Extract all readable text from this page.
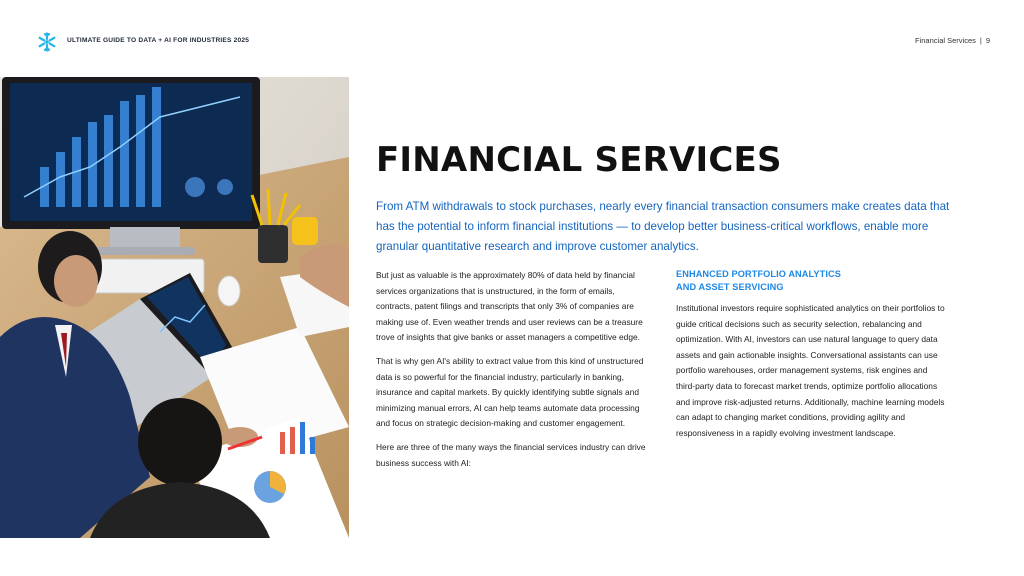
ULTIMATE GUIDE TO DATA + AI FOR INDUSTRIES 2025	Financial Services | 9
FINANCIAL SERVICES

From ATM withdrawals to stock purchases, nearly every financial transaction consumers make creates data that has the potential to inform financial institutions — to develop better business-critical workflows, enable more granular quantitative research and improve customer analytics.

But just as valuable is the approximately 80% of data held by financial services organizations that is unstructured, in the form of emails, contracts, patent filings and transcripts that only 3% of companies are making use of. Even weather trends and user reviews can be a treasure trove of insights that give banks or asset managers a competitive edge.

That is why gen AI's ability to extract value from this kind of unstructured data is so powerful for the financial industry, particularly in banking, insurance and capital markets. By quickly identifying subtle signals and minimizing manual errors, AI can help teams automate data processing and focus on strategic decision-making and customer engagement.

Here are three of the many ways the financial services industry can drive business success with AI:

ENHANCED PORTFOLIO ANALYTICS
AND ASSET SERVICING

Institutional investors require sophisticated analytics on their portfolios to guide critical decisions such as security selection, rebalancing and optimization. With AI, investors can use natural language to query data assets and gain actionable insights. Conversational assistants can use portfolio warehouses, order management systems, risk engines and third-party data to forecast market trends, optimize portfolio allocations and improve risk-adjusted returns. Additionally, machine learning models can adapt to changing market conditions, providing agility and responsiveness in a rapidly evolving investment landscape.
